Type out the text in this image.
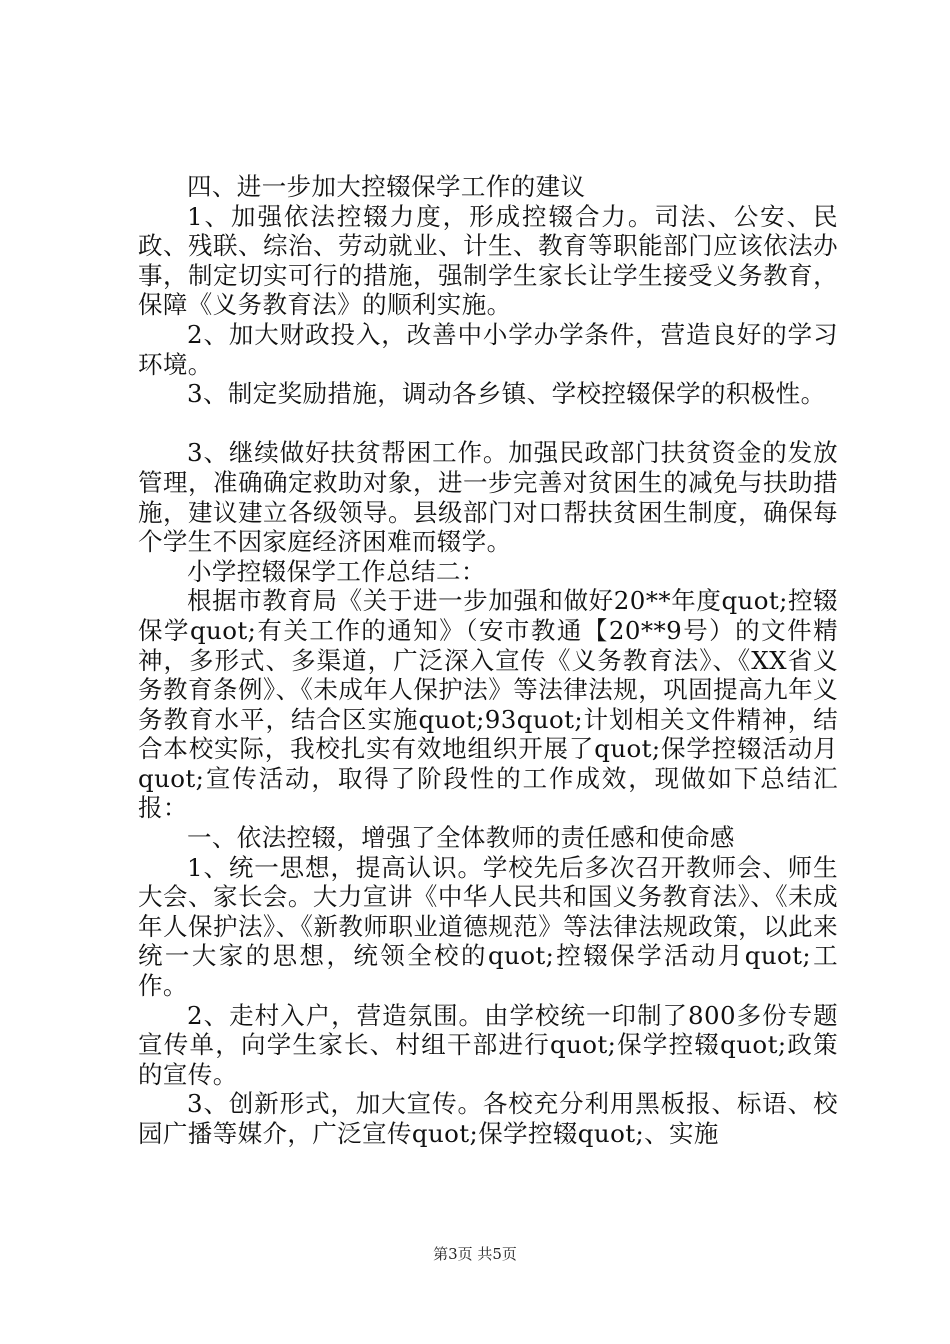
四、进一步加大控辍保学工作的建议

1、加强依法控辍力度，形成控辍合力。司法、公安、民政、残联、综治、劳动就业、计生、教育等职能部门应该依法办事，制定切实可行的措施，强制学生家长让学生接受义务教育，保障《义务教育法》的顺利实施。

2、加大财政投入，改善中小学办学条件，营造良好的学习环境。

3、制定奖励措施，调动各乡镇、学校控辍保学的积极性。

3、继续做好扶贫帮困工作。加强民政部门扶贫资金的发放管理，准确确定救助对象，进一步完善对贫困生的减免与扶助措施，建议建立各级领导。县级部门对口帮扶贫困生制度，确保每个学生不因家庭经济困难而辍学。

小学控辍保学工作总结二：

根据市教育局《关于进一步加强和做好20**年度quot;控辍保学quot;有关工作的通知》（安市教通【20**9号）的文件精神，多形式、多渠道，广泛深入宣传《义务教育法》、《XX省义务教育条例》、《未成年人保护法》等法律法规，巩固提高九年义务教育水平，结合区实施quot;93quot;计划相关文件精神，结合本校实际，我校扎实有效地组织开展了quot;保学控辍活动月quot;宣传活动，取得了阶段性的工作成效，现做如下总结汇报：

一、依法控辍，增强了全体教师的责任感和使命感

1、统一思想，提高认识。学校先后多次召开教师会、师生大会、家长会。大力宣讲《中华人民共和国义务教育法》、《未成年人保护法》、《新教师职业道德规范》等法律法规政策，以此来统一大家的思想，统领全校的quot;控辍保学活动月quot;工作。

2、走村入户，营造氛围。由学校统一印制了800多份专题宣传单，向学生家长、村组干部进行quot;保学控辍quot;政策的宣传。

3、创新形式，加大宣传。各校充分利用黑板报、标语、校园广播等媒介，广泛宣传quot;保学控辍quot;、实施

第3页 共5页
